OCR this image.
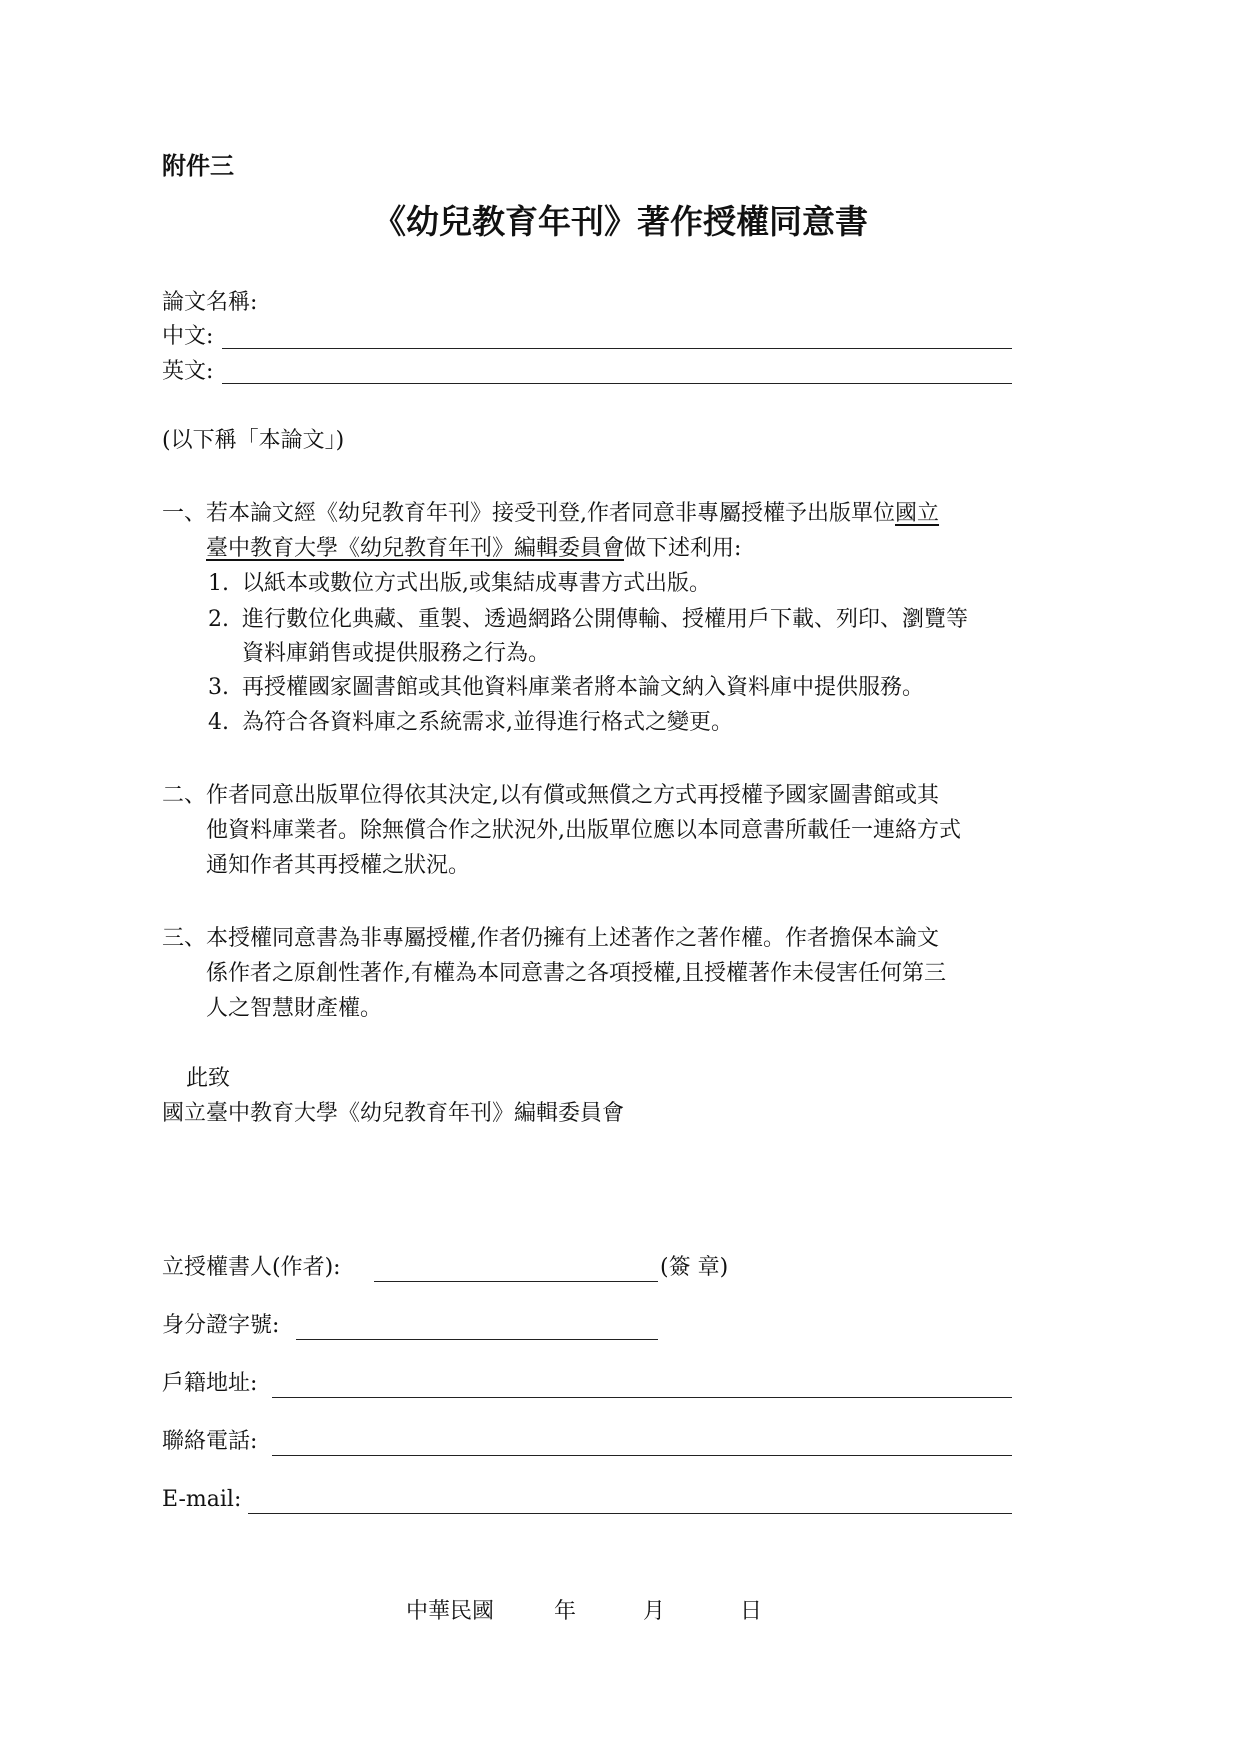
附件三
《幼兒教育年刊》著作授權同意書
論文名稱:
中文:
英文:
(以下稱「本論文」)
一、若本論文經《幼兒教育年刊》接受刊登,作者同意非專屬授權予出版單位國立
臺中教育大學《幼兒教育年刊》編輯委員會做下述利用:
1. 以紙本或數位方式出版,或集結成專書方式出版。
2. 進行數位化典藏、重製、透過網路公開傳輸、授權用戶下載、列印、瀏覽等
資料庫銷售或提供服務之行為。
3. 再授權國家圖書館或其他資料庫業者將本論文納入資料庫中提供服務。
4. 為符合各資料庫之系統需求,並得進行格式之變更。
二、作者同意出版單位得依其決定,以有償或無償之方式再授權予國家圖書館或其
他資料庫業者。除無償合作之狀況外,出版單位應以本同意書所載任一連絡方式
通知作者其再授權之狀況。
三、本授權同意書為非專屬授權,作者仍擁有上述著作之著作權。作者擔保本論文
係作者之原創性著作,有權為本同意書之各項授權,且授權著作未侵害任何第三
人之智慧財產權。
此致
國立臺中教育大學《幼兒教育年刊》編輯委員會
立授權書人(作者):	(簽 章)
身分證字號:
戶籍地址:
聯絡電話:
E-mail:
中華民國	年	月	日
